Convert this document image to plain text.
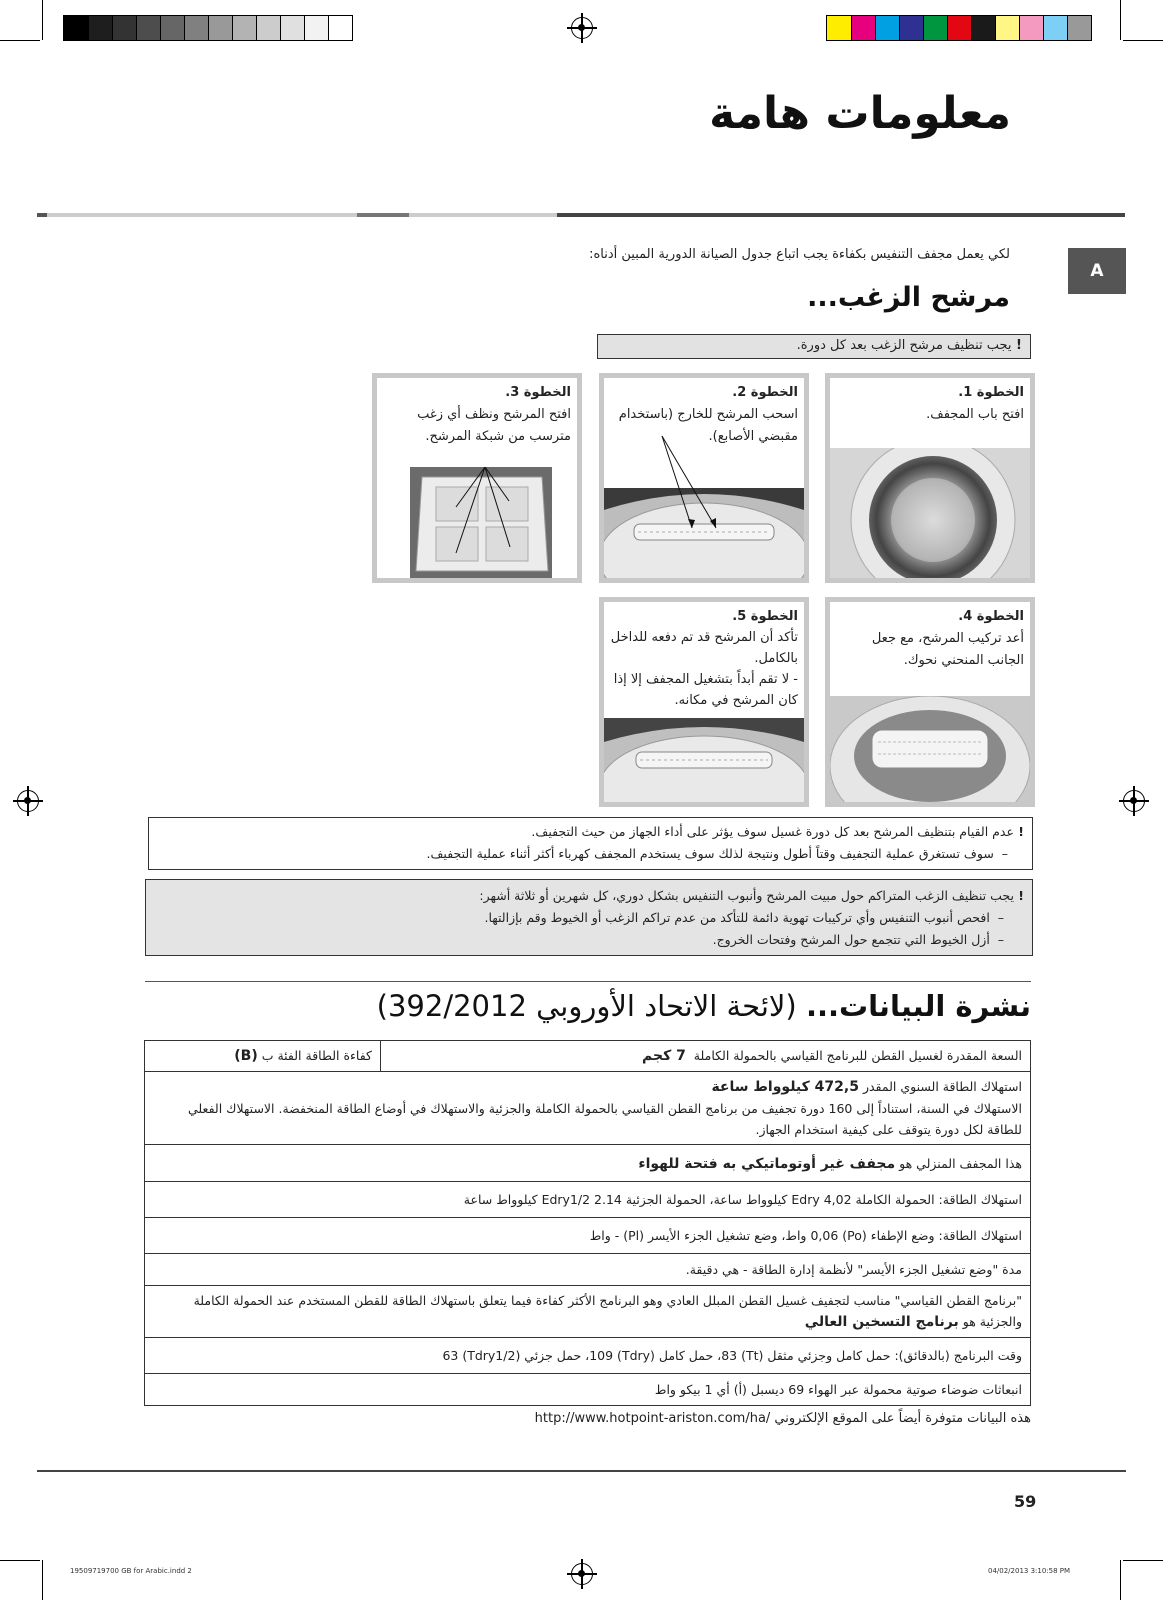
معلومات هامة
A
لكي يعمل مجفف التنفيس بكفاءة يجب اتباع جدول الصيانة الدورية المبين أدناه:
مرشح الزغب...
! يجب تنظيف مرشح الزغب بعد كل دورة.
الخطوة 1.
افتح باب المجفف.
الخطوة 2.
اسحب المرشح للخارج (باستخدام مقبضي الأصابع).
الخطوة 3.
افتح المرشح ونظف أي زغب مترسب من شبكة المرشح.
الخطوة 4.
أعد تركيب المرشح، مع جعل الجانب المنحني نحوك.
الخطوة 5.
تأكد أن المرشح قد تم دفعه للداخل بالكامل.
- لا تقم أبداً بتشغيل المجفف إلا إذا كان المرشح في مكانه.
! عدم القيام بتنظيف المرشح بعد كل دورة غسيل سوف يؤثر على أداء الجهاز من حيث التجفيف.
–  سوف تستغرق عملية التجفيف وقتاً أطول ونتيجة لذلك سوف يستخدم المجفف كهرباء أكثر أثناء عملية التجفيف.
! يجب تنظيف الزغب المتراكم حول مبيت المرشح وأنبوب التنفيس بشكل دوري، كل شهرين أو ثلاثة أشهر:
–  افحص أنبوب التنفيس وأي تركيبات تهوية دائمة للتأكد من عدم تراكم الزغب أو الخيوط وقم بإزالتها.
–  أزل الخيوط التي تتجمع حول المرشح وفتحات الخروج.
نشرة البيانات... (لائحة الاتحاد الأوروبي 392/2012)
السعة المقدرة لغسيل القطن للبرنامج القياسي بالحمولة الكاملة  7 كجم	كفاءة الطاقة الفئة ب (B)
استهلاك الطاقة السنوي المقدر 472,5 كيلوواط ساعة
الاستهلاك في السنة، استناداً إلى 160 دورة تجفيف من برنامج القطن القياسي بالحمولة الكاملة والجزئية والاستهلاك في أوضاع الطاقة المنخفضة. الاستهلاك الفعلي للطاقة لكل دورة يتوقف على كيفية استخدام الجهاز.
هذا المجفف المنزلي هو مجفف غير أوتوماتيكي به فتحة للهواء
استهلاك الطاقة: الحمولة الكاملة Edry 4,02 كيلوواط ساعة، الحمولة الجزئية Edry1/2 2.14 كيلوواط ساعة
استهلاك الطاقة: وضع الإطفاء (Po) 0,06 واط، وضع تشغيل الجزء الأيسر (Pl) - واط
مدة "وضع تشغيل الجزء الأيسر" لأنظمة إدارة الطاقة - هي دقيقة.
"برنامج القطن القياسي" مناسب لتجفيف غسيل القطن المبلل العادي وهو البرنامج الأكثر كفاءة فيما يتعلق باستهلاك الطاقة للقطن المستخدم عند الحمولة الكاملة والجزئية هو برنامج التسخين العالي
وقت البرنامج (بالدقائق): حمل كامل وجزئي مثقل (Tt) 83، حمل كامل (Tdry) 109، حمل جزئي (Tdry1/2) 63
انبعاثات ضوضاء صوتية محمولة عبر الهواء 69 ديسبل (أ) أي 1 بيكو واط
هذه البيانات متوفرة أيضاً على الموقع الإلكتروني /http://www.hotpoint-ariston.com/ha
59
19509719700 GB for Arabic.indd 2	04/02/2013 3:10:58 PM
